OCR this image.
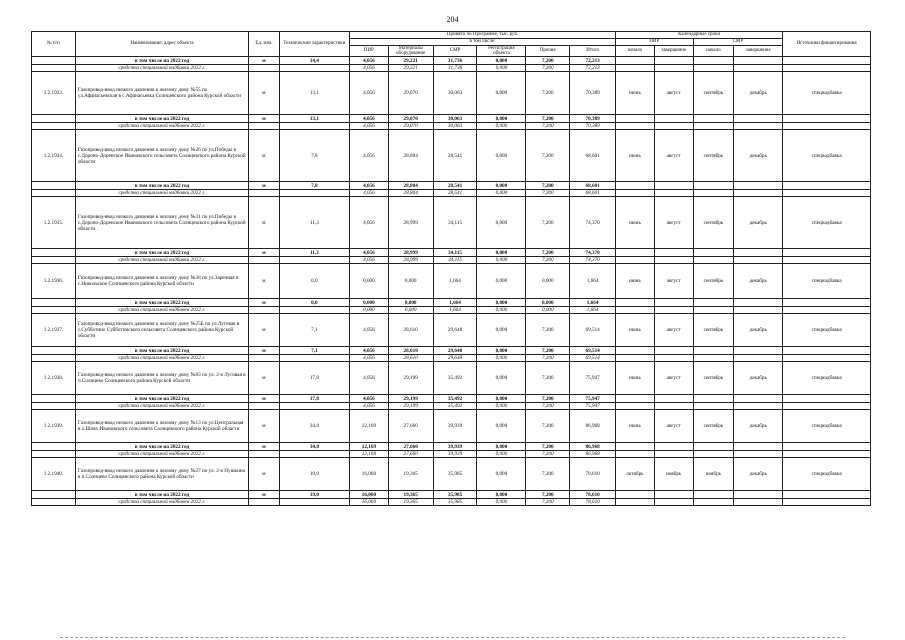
204
№ п/п	Наименование, адрес объекта	Ед. изм.	Технические характеристики	Принято по Программе, тыс. руб.						Календарные сроки				Источники финансирования
				в том числе:						ПИР		СМР		
				ПИР	Материалы оборудование	СМР	Регистрация объекта	Прочие	Итого	начало	завершение	начало	завершение	
	в том числе на 2022 год	м	14,4	4,056	29,221	31,736	0,000	7,200	72,213					
	средства специальной надбавки 2022 г.			4,056	29,221	31,736	0,000	7,200	72,213					
1.2.1933.	Газопровод-ввод низкого давления к жилому дому №55 по ул.Афанасьевская в с.Афанасьевка Солнцевского района Курской области	м	13,1	4,056	29,070	30,063	0,000	7,200	70,389	июнь	август	сентябрь	декабрь	спецнадбавка
	в том числе на 2022 год	м	13,1	4,056	29,070	30,063	0,000	7,200	70,389					
	средства специальной надбавки 2022 г.			4,056	29,070	30,063	0,000	7,200	70,389					
1.2.1934.	Газопровод-ввод низкого давления к жилому дому №26 по ул.Победы в с.Дороно-Доренское Ивановского сельсовета Солнцевского района Курской области	м	7,8	4,056	28,804	28,541	0,000	7,200	68,601	июнь	август	сентябрь	декабрь	спецнадбавка
	в том числе на 2022 год	м	7,8	4,056	28,804	28,541	0,000	7,200	68,601					
	средства специальной надбавки 2022 г.			4,056	28,804	28,541	0,000	7,200	68,601					
1.2.1935.	Газопровод-ввод низкого давления к жилому дому №31 по ул.Победы в с.Дороно-Доренское Ивановского сельсовета Солнцевского района Курской области	м	11,3	4,056	28,999	34,115	0,000	7,200	74,370	июнь	август	сентябрь	декабрь	спецнадбавка
	в том числе на 2022 год	м	11,3	4,056	28,999	34,115	0,000	7,200	74,370					
	средства специальной надбавки 2022 г.			4,056	28,999	34,115	0,000	7,200	74,370					
1.2.1936.	Газопровод-ввод низкого давления к жилому дому №38 по ул.Заречная в с.Никольское Солнцевского района Курской области	м	0,0	0,000	0,000	1,664	0,000	0,000	1,664	июнь	август	сентябрь	декабрь	спецнадбавка
	в том числе на 2022 год	м	0,0	0,000	0,000	1,664	0,000	0,000	1,664					
	средства специальной надбавки 2022 г.			0,000	0,000	1,664	0,000	0,000	1,664					
1.2.1937.	Газопровод-ввод низкого давления к жилому дому №25Б по ул.Луговая в с.Субботино Субботинского сельсовета Солнцевского района Курской области	м	7,1	4,056	28,610	29,648	0,000	7,200	69,514	июнь	август	сентябрь	декабрь	спецнадбавка
	в том числе на 2022 год	м	7,1	4,056	28,610	29,648	0,000	7,200	69,514					
	средства специальной надбавки 2022 г.			4,056	28,610	29,648	0,000	7,200	69,514					
1.2.1938.	Газопровод-ввод низкого давления к жилому дому №83 по ул. 2-я Луговая в п.Солнцево Солнцевского района Курской области	м	17,8	4,056	29,199	35,492	0,000	7,200	75,947	июнь	август	сентябрь	декабрь	спецнадбавка
	в том числе на 2022 год	м	17,8	4,056	29,199	35,492	0,000	7,200	75,947					
	средства специальной надбавки 2022 г.			4,056	29,199	35,492	0,000	7,200	75,947					
1.2.1939.	Газопровод-ввод низкого давления к жилому дому №13 по ул.Центральная в х.Шлях Ивановского сельсовета Солнцевского района Курской области	м	34,8	12,169	27,660	39,939	0,000	7,200	86,968	июнь	август	сентябрь	декабрь	спецнадбавка
	в том числе на 2022 год	м	34,8	12,169	27,660	39,939	0,000	7,200	86,968					
	средства специальной надбавки 2022 г.			12,169	27,660	39,939	0,000	7,200	86,968					
1.2.1940.	Газопровод-ввод низкого давления к жилому дому №27 по ул. 2-я Пушкина в п.Солнцево Солнцевского района Курской области	м	19,0	16,060	19,365	35,985	0,000	7,200	78,610	октябрь	ноябрь	ноябрь	декабрь	спецнадбавка
	в том числе на 2022 год	м	19,0	16,060	19,365	35,985	0,000	7,200	78,610					
	средства специальной надбавки 2022 г.			16,060	19,365	35,985	0,000	7,200	78,610					
